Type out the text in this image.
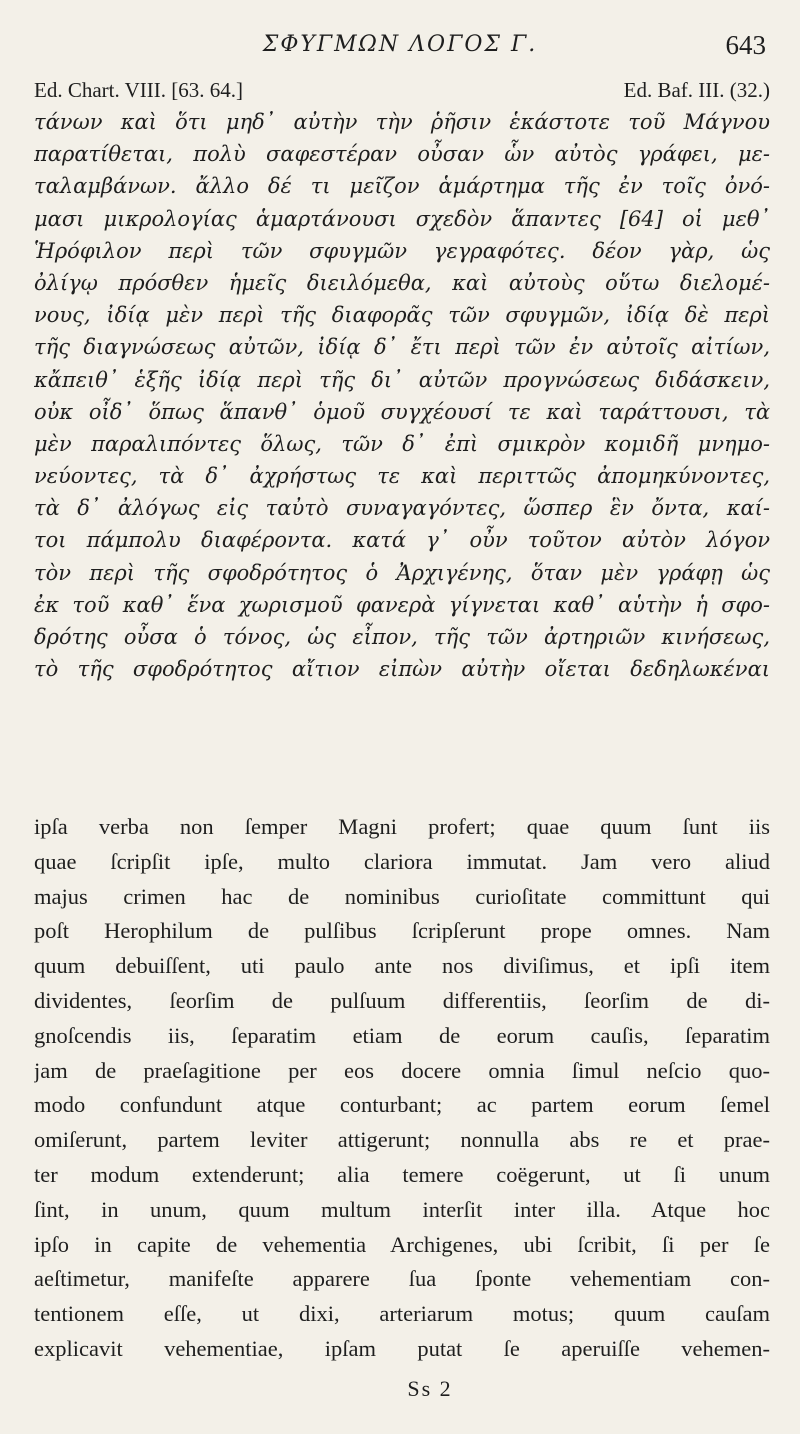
ΣΦΥΓΜΩΝ ΛΟΓΟΣ Γ.	643
Ed. Chart. VIII. [63. 64.]	Ed. Baf. III. (32.)
τάνων καὶ ὅτι μηδ᾽ αὐτὴν τὴν ῥῆσιν ἑκάστοτε τοῦ Μάγνου
παρατίθεται, πολὺ σαφεστέραν οὖσαν ὧν αὐτὸς γράφει, με-
ταλαμβάνων. ἄλλο δέ τι μεῖζον ἁμάρτημα τῆς ἐν τοῖς ὀνό-
μασι μικρολογίας ἁμαρτάνουσι σχεδὸν ἅπαντες [64] οἱ μεθ᾽
Ἡρόφιλον περὶ τῶν σφυγμῶν γεγραφότες. δέον γὰρ, ὡς
ὀλίγῳ πρόσθεν ἡμεῖς διειλόμεθα, καὶ αὐτοὺς οὕτω διελομέ-
νους, ἰδίᾳ μὲν περὶ τῆς διαφορᾶς τῶν σφυγμῶν, ἰδίᾳ δὲ περὶ
τῆς διαγνώσεως αὐτῶν, ἰδίᾳ δ᾽ ἔτι περὶ τῶν ἐν αὐτοῖς αἰτίων,
κἄπειθ᾽ ἑξῆς ἰδίᾳ περὶ τῆς δι᾽ αὐτῶν προγνώσεως διδάσκειν,
οὐκ οἶδ᾽ ὅπως ἅπανθ᾽ ὁμοῦ συγχέουσί τε καὶ ταράττουσι, τὰ
μὲν παραλιπόντες ὅλως, τῶν δ᾽ ἐπὶ σμικρὸν κομιδῆ μνημο-
νεύοντες, τὰ δ᾽ ἀχρήστως τε καὶ περιττῶς ἀπομηκύνοντες,
τὰ δ᾽ ἀλόγως εἰς ταὐτὸ συναγαγόντες, ὥσπερ ἓν ὄντα, καί-
τοι πάμπολυ διαφέροντα. κατά γ᾽ οὖν τοῦτον αὐτὸν λόγον
τὸν περὶ τῆς σφοδρότητος ὁ Ἀρχιγένης, ὅταν μὲν γράφῃ ὡς
ἐκ τοῦ καθ᾽ ἕνα χωρισμοῦ φανερὰ γίγνεται καθ᾽ αὑτὴν ἡ σφο-
δρότης οὖσα ὁ τόνος, ὡς εἶπον, τῆς τῶν ἀρτηριῶν κινήσεως,
τὸ τῆς σφοδρότητος αἴτιον εἰπὼν αὐτὴν οἴεται δεδηλωκέναι
ipſa verba non ſemper Magni profert; quae quum ſunt iis
quae ſcripſit ipſe, multo clariora immutat. Jam vero aliud
majus crimen hac de nominibus curioſitate committunt qui
poſt Herophilum de pulſibus ſcripſerunt prope omnes. Nam
quum debuiſſent, uti paulo ante nos diviſimus, et ipſi item
dividentes, ſeorſim de pulſuum differentiis, ſeorſim de di-
gnoſcendis iis, ſeparatim etiam de eorum cauſis, ſeparatim
jam de praeſagitione per eos docere omnia ſimul neſcio quo-
modo confundunt atque conturbant; ac partem eorum ſemel
omiſerunt, partem leviter attigerunt; nonnulla abs re et prae-
ter modum extenderunt; alia temere coëgerunt, ut ſi unum
ſint, in unum, quum multum interſit inter illa. Atque hoc
ipſo in capite de vehementia Archigenes, ubi ſcribit, ſi per ſe
aeſtimetur, manifeſte apparere ſua ſponte vehementiam con-
tentionem eſſe, ut dixi, arteriarum motus; quum cauſam
explicavit vehementiae, ipſam putat ſe aperuiſſe vehemen-
Ss 2
